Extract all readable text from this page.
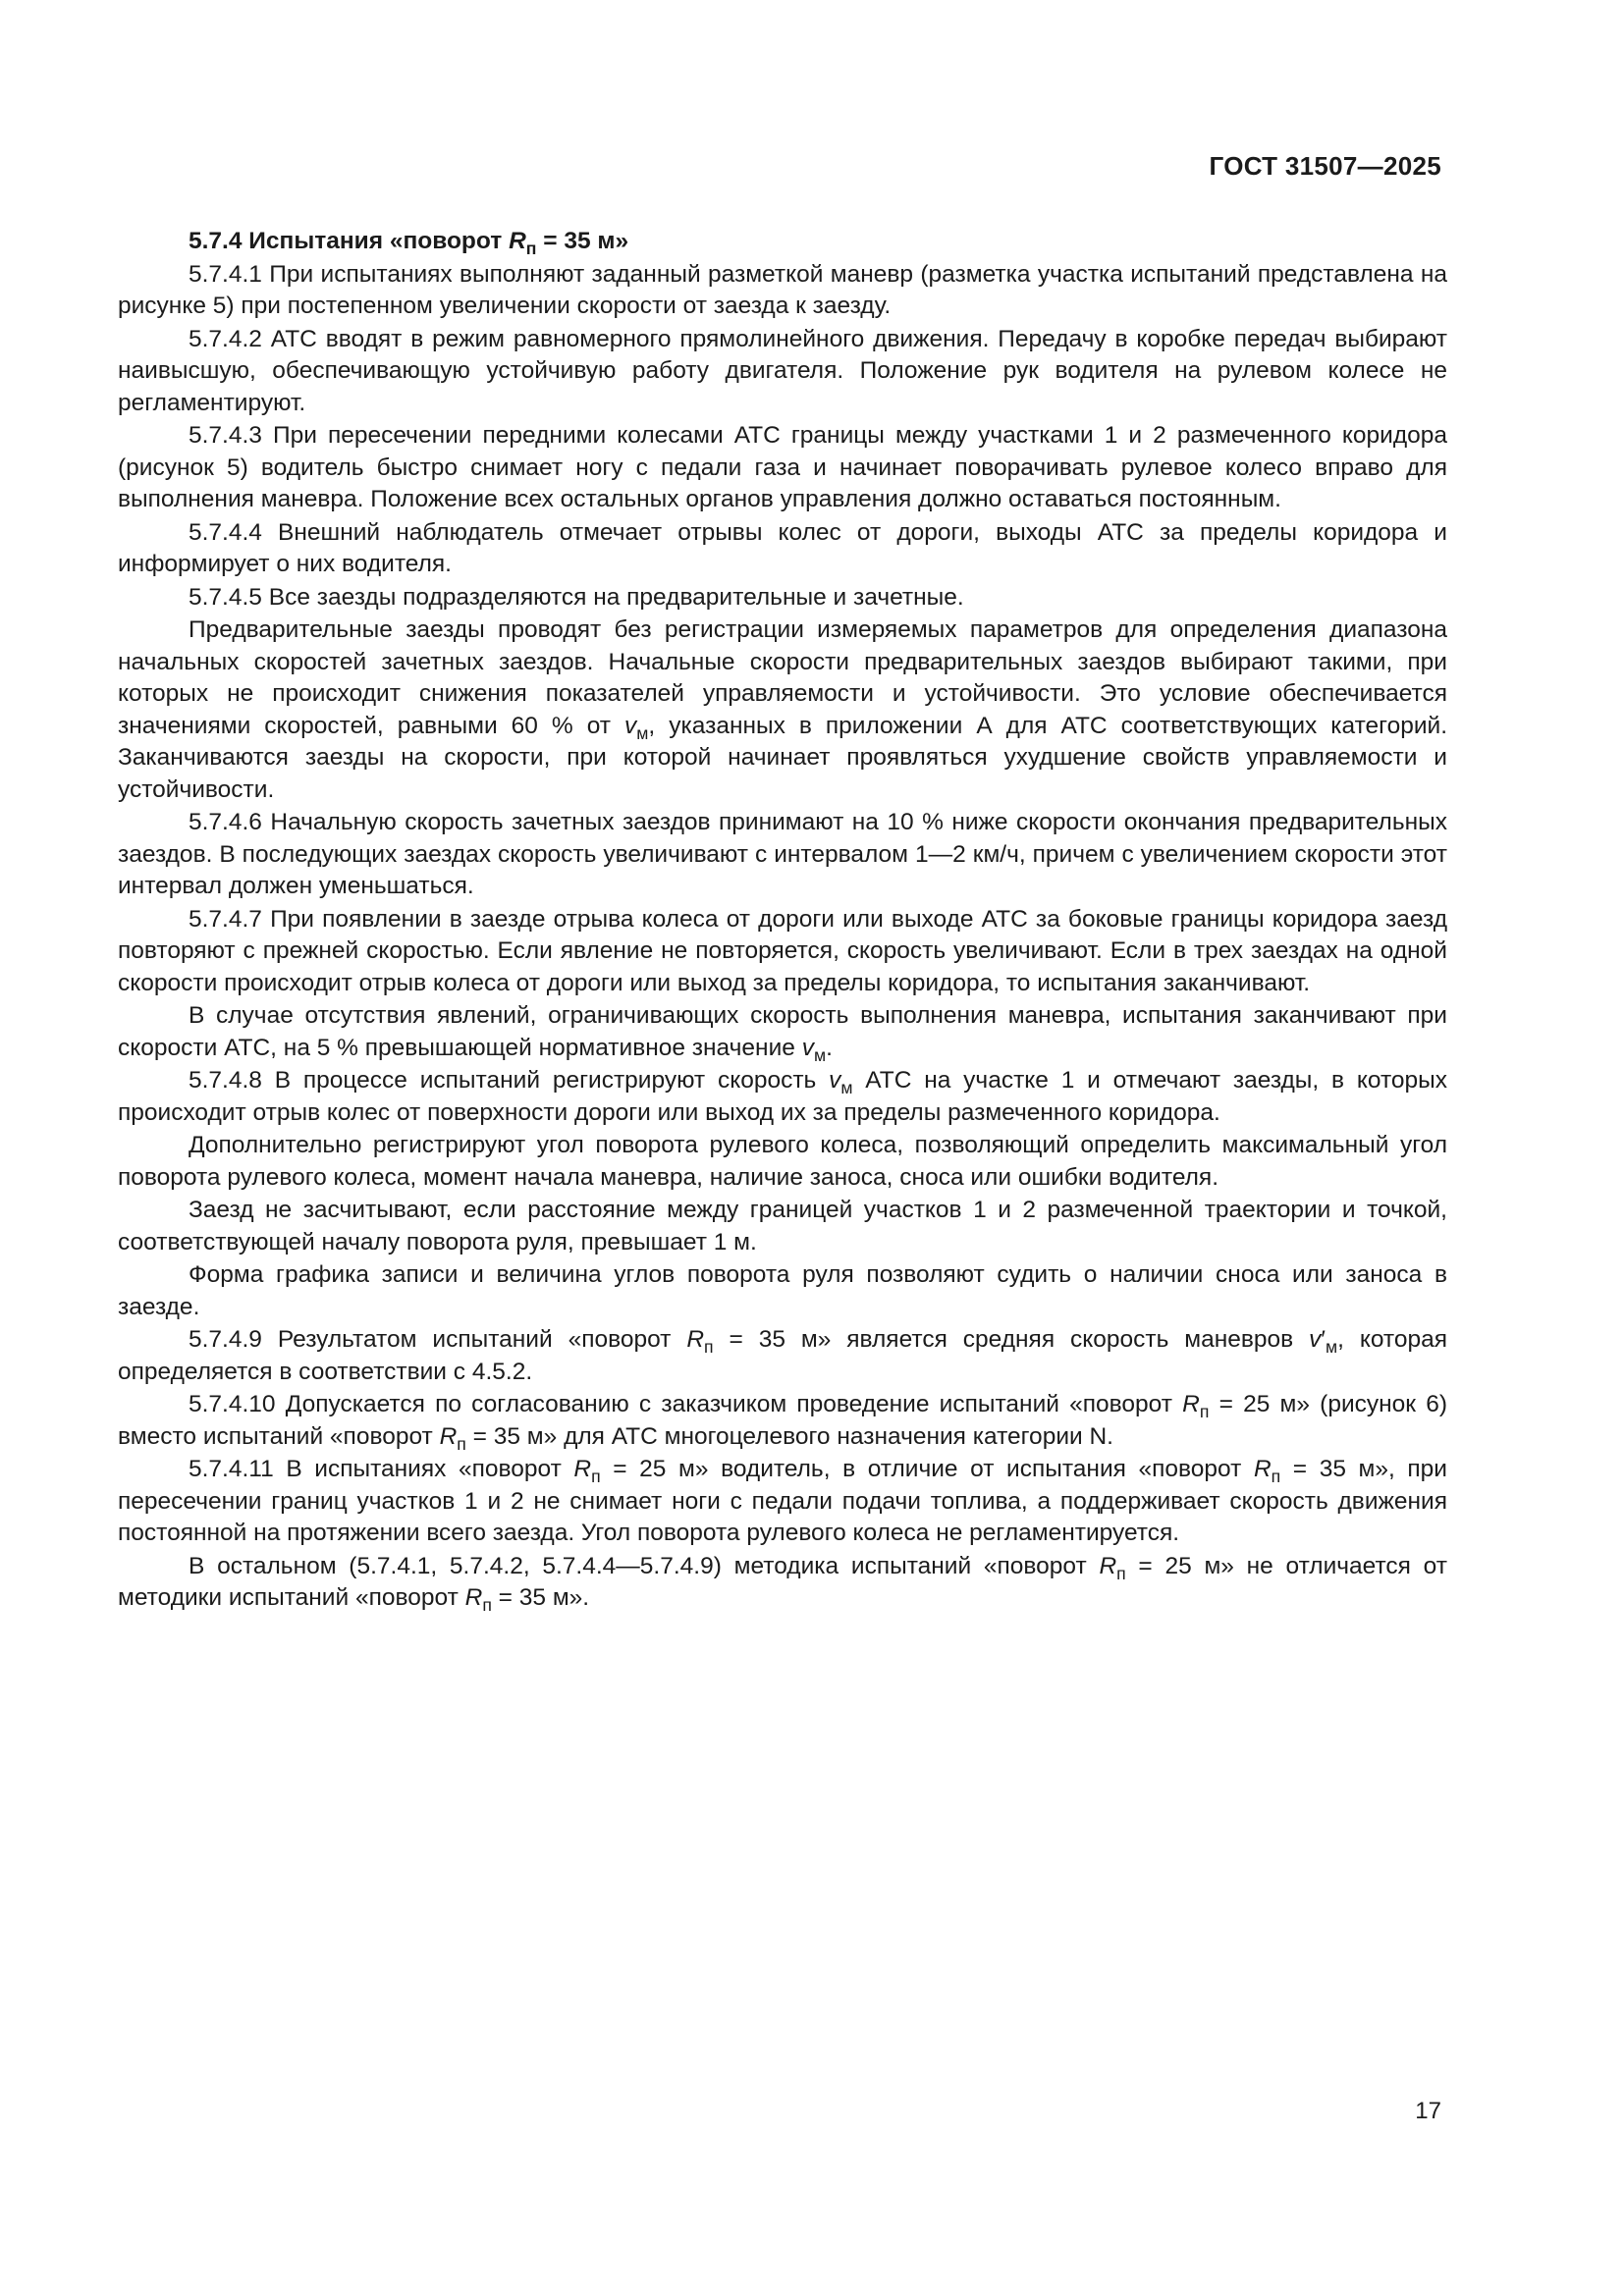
ГОСТ 31507—2025
5.7.4 Испытания «поворот $R_п = 35$ м»

5.7.4.1 При испытаниях выполняют заданный разметкой маневр (разметка участка испытаний представлена на рисунке 5) при постепенном увеличении скорости от заезда к заезду.

5.7.4.2 АТС вводят в режим равномерного прямолинейного движения. Передачу в коробке передач выбирают наивысшую, обеспечивающую устойчивую работу двигателя. Положение рук водителя на рулевом колесе не регламентируют.

5.7.4.3 При пересечении передними колесами АТС границы между участками 1 и 2 размеченного коридора (рисунок 5) водитель быстро снимает ногу с педали газа и начинает поворачивать рулевое колесо вправо для выполнения маневра. Положение всех остальных органов управления должно оставаться постоянным.

5.7.4.4 Внешний наблюдатель отмечает отрывы колес от дороги, выходы АТС за пределы коридора и информирует о них водителя.

5.7.4.5 Все заезды подразделяются на предварительные и зачетные.

Предварительные заезды проводят без регистрации измеряемых параметров для определения диапазона начальных скоростей зачетных заездов. Начальные скорости предварительных заездов выбирают такими, при которых не происходит снижения показателей управляемости и устойчивости. Это условие обеспечивается значениями скоростей, равными 60 % от $v_м$, указанных в приложении А для АТС соответствующих категорий. Заканчиваются заезды на скорости, при которой начинает проявляться ухудшение свойств управляемости и устойчивости.

5.7.4.6 Начальную скорость зачетных заездов принимают на 10 % ниже скорости окончания предварительных заездов. В последующих заездах скорость увеличивают с интервалом 1—2 км/ч, причем с увеличением скорости этот интервал должен уменьшаться.

5.7.4.7 При появлении в заезде отрыва колеса от дороги или выходе АТС за боковые границы коридора заезд повторяют с прежней скоростью. Если явление не повторяется, скорость увеличивают. Если в трех заездах на одной скорости происходит отрыв колеса от дороги или выход за пределы коридора, то испытания заканчивают.

В случае отсутствия явлений, ограничивающих скорость выполнения маневра, испытания заканчивают при скорости АТС, на 5 % превышающей нормативное значение $v_м$.

5.7.4.8 В процессе испытаний регистрируют скорость $v_м$ АТС на участке 1 и отмечают заезды, в которых происходит отрыв колес от поверхности дороги или выход их за пределы размеченного коридора.

Дополнительно регистрируют угол поворота рулевого колеса, позволяющий определить максимальный угол поворота рулевого колеса, момент начала маневра, наличие заноса, сноса или ошибки водителя.

Заезд не засчитывают, если расстояние между границей участков 1 и 2 размеченной траектории и точкой, соответствующей началу поворота руля, превышает 1 м.

Форма графика записи и величина углов поворота руля позволяют судить о наличии сноса или заноса в заезде.

5.7.4.9 Результатом испытаний «поворот $R_п = 35$ м» является средняя скорость маневров $v'_м$, которая определяется в соответствии с 4.5.2.

5.7.4.10 Допускается по согласованию с заказчиком проведение испытаний «поворот $R_п = 25$ м» (рисунок 6) вместо испытаний «поворот $R_п = 35$ м» для АТС многоцелевого назначения категории N.

5.7.4.11 В испытаниях «поворот $R_п = 25$ м» водитель, в отличие от испытания «поворот $R_п = 35$ м», при пересечении границ участков 1 и 2 не снимает ноги с педали подачи топлива, а поддерживает скорость движения постоянной на протяжении всего заезда. Угол поворота рулевого колеса не регламентируется.

В остальном (5.7.4.1, 5.7.4.2, 5.7.4.4—5.7.4.9) методика испытаний «поворот $R_п = 25$ м» не отличается от методики испытаний «поворот $R_п = 35$ м».

17
